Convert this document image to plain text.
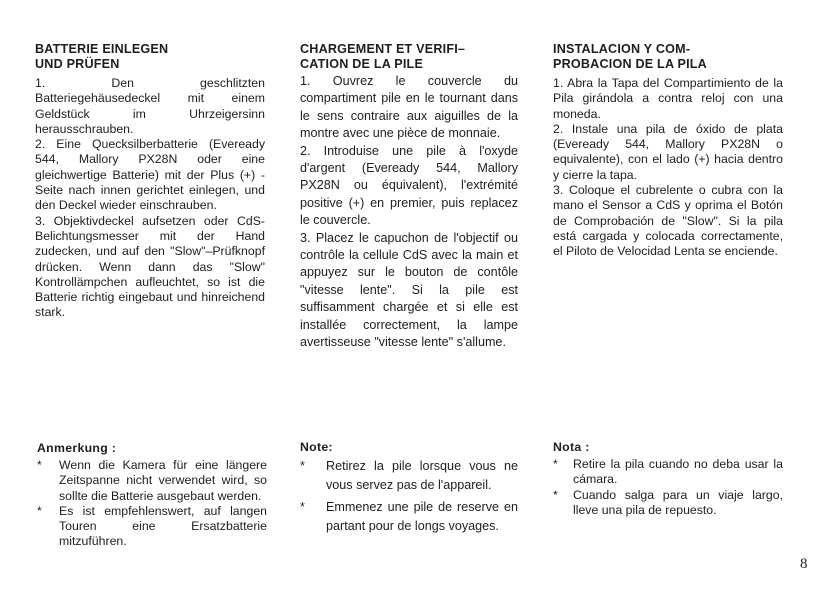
BATTERIE EINLEGEN
UND PRÜFEN

1. Den geschlitzten Batteriegehäusedeckel mit einem Geldstück im Uhrzeigersinn herausschrauben.

2. Eine Quecksilberbatterie (Eveready 544, Mallory PX28N oder eine gleichwertige Batterie) mit der Plus (+) -Seite nach innen gerichtet einlegen, und den Deckel wieder einschrauben.

3. Objektivdeckel aufsetzen oder CdS-Belichtungsmesser mit der Hand zudecken, und auf den "Slow"–Prüfknopf drücken. Wenn dann das "Slow" Kontrollämpchen aufleuchtet, so ist die Batterie richtig eingebaut und hinreichend stark.

CHARGEMENT ET VERIFI–
CATION DE LA PILE

1. Ouvrez le couvercle du compartiment pile en le tournant dans le sens contraire aux aiguilles de la montre avec une pièce de monnaie.

2. Introduise une pile à l'oxyde d'argent (Eveready 544, Mallory PX28N ou équivalent), l'extrémité positive (+) en premier, puis replacez le couvercle.

3. Placez le capuchon de l'objectif ou contrôle la cellule CdS avec la main et appuyez sur le bouton de contôle "vitesse lente". Si la pile est suffisamment chargée et si elle est installée correctement, la lampe avertisseuse "vitesse lente" s'allume.

INSTALACION Y COM-
PROBACION DE LA PILA

1. Abra la Tapa del Compartimiento de la Pila girándola a contra reloj con una moneda.

2. Instale una pila de óxido de plata (Eveready 544, Mallory PX28N o equivalente), con el lado (+) hacia dentro y cierre la tapa.

3. Coloque el cubrelente o cubra con la mano el Sensor a CdS y oprima el Botón de Comprobación de "Slow". Si la pila está cargada y colocada correctamente, el Piloto de Velocidad Lenta se enciende.

Anmerkung :
* Wenn die Kamera für eine längere Zeitspanne nicht verwendet wird, so sollte die Batterie ausgebaut werden.
* Es ist empfehlenswert, auf langen Touren eine Ersatzbatterie mitzuführen.
Note:
* Retirez la pile lorsque vous ne vous servez pas de l'appareil.
* Emmenez une pile de reserve en partant pour de longs voyages.
Nota :
* Retire la pila cuando no deba usar la cámara.
* Cuando salga para un viaje largo, lleve una pila de repuesto.
8
